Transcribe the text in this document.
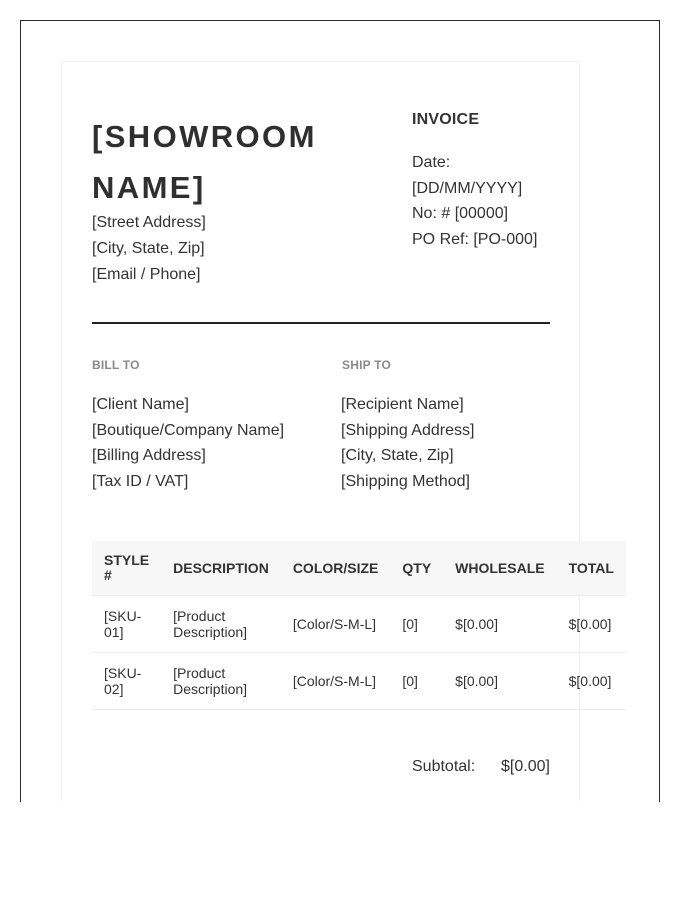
[SHOWROOM NAME]
[Street Address]
[City, State, Zip]
[Email / Phone]
INVOICE
Date:
[DD/MM/YYYY]
No: # [00000]
PO Ref: [PO-000]
BILL TO	SHIP TO
[Client Name]
[Boutique/Company Name]
[Billing Address]
[Tax ID / VAT]
[Recipient Name]
[Shipping Address]
[City, State, Zip]
[Shipping Method]
STYLE #	DESCRIPTION	COLOR/SIZE	QTY	WHOLESALE	TOTAL
[SKU-01]	[Product Description]	[Color/S-M-L]	[0]	$[0.00]	$[0.00]
[SKU-02]	[Product Description]	[Color/S-M-L]	[0]	$[0.00]	$[0.00]
Subtotal: $[0.00]
